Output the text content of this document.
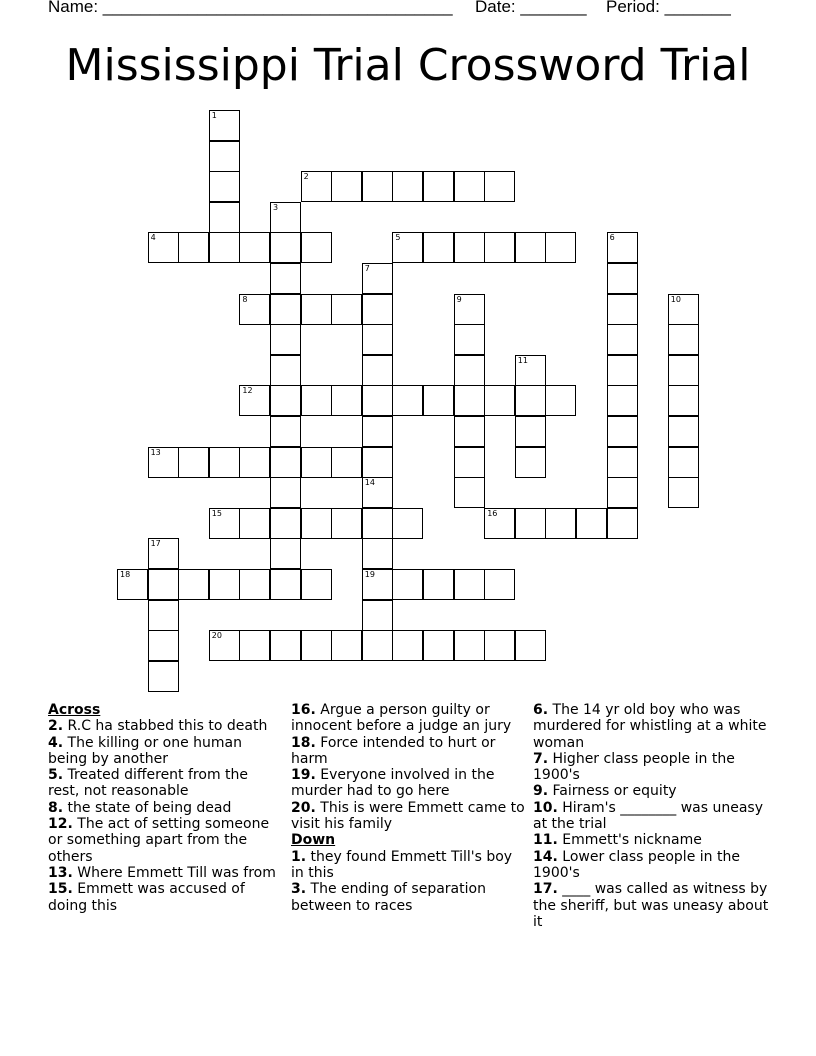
Name: _____________________________________ Date: _______ Period: _______
Mississippi Trial Crossword Trial
1
2
3
4	5	6
7
8	9	10
11
12
13
14
19
15	16
17
18
20
Across
2. R.C ha stabbed this to death
4. The killing or one human being by another
5. Treated different from the rest, not reasonable
8. the state of being dead
12. The act of setting someone or something apart from the others
13. Where Emmett Till was from
15. Emmett was accused of doing this
16. Argue a person guilty or innocent before a judge an jury
18. Force intended to hurt or harm
19. Everyone involved in the murder had to go here
20. This is were Emmett came to visit his family
Down
1. they found Emmett Till's boy in this
3. The ending of separation between to races
6. The 14 yr old boy who was murdered for whistling at a white woman
7. Higher class people in the 1900's
9. Fairness or equity
10. Hiram's ________ was uneasy at the trial
11. Emmett's nickname
14. Lower class people in the 1900's
17. ____ was called as witness by the sheriff, but was uneasy about it
